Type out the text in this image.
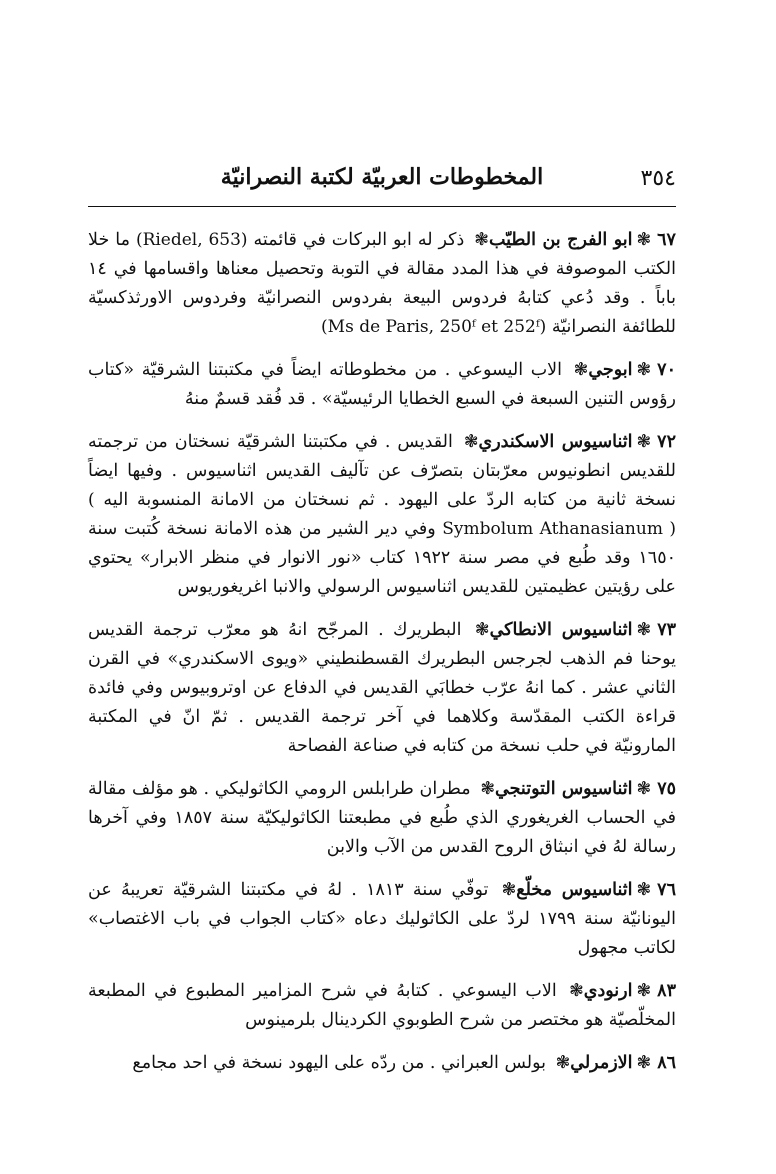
٣٥٤
المخطوطات العربيّة لكتبة النصرانيّة

٦٧❃ابو الفرج بن الطيّب❃ ذكر له ابو البركات في قائمته (Riedel, 653) ما خلا الكتب الموصوفة في هذا المدد مقالة في التوبة وتحصيل معناها واقسامها في ١٤ باباً . وقد دُعي كتابهُ فردوس البيعة بفردوس النصرانيّة وفردوس الاورثذكسيّة للطائفة النصرانيّة (Ms de Paris, 250ᶠ et 252ᶠ)

٧٠❃ابوجي❃ الاب اليسوعي . من مخطوطاته ايضاً في مكتبتنا الشرقيّة «كتاب رؤوس التنين السبعة في السبع الخطايا الرئيسيّة» . قد فُقد قسمٌ منهُ

٧٢❃اثناسيوس الاسكندري❃ القديس . في مكتبتنا الشرقيّة نسختان من ترجمته للقديس انطونيوس معرّبتان بتصرّف عن تآليف القديس اثناسيوس . وفيها ايضاً نسخة ثانية من كتابه الردّ على اليهود . ثم نسختان من الامانة المنسوبة اليه ( Symbolum Athanasianum ) وفي دير الشير من هذه الامانة نسخة كُتبت سنة ١٦٥٠ وقد طُبع في مصر سنة ١٩٢٢ كتاب «نور الانوار في منظر الابرار» يحتوي على رؤيتين عظيمتين للقديس اثناسيوس الرسولي والانبا اغريغوريوس

٧٣❃اثناسيوس الانطاكي❃ البطريرك . المرجّح انهُ هو معرّب ترجمة القديس يوحنا فم الذهب لجرجس البطريرك القسطنطيني «ويوى الاسكندري» في القرن الثاني عشر . كما انهُ عرّب خطابَي القديس في الدفاع عن اوتروبيوس وفي فائدة قراءة الكتب المقدّسة وكلاهما في آخر ترجمة القديس . ثمّ انّ في المكتبة المارونيّة في حلب نسخة من كتابه في صناعة الفصاحة

٧٥❃اثناسيوس التوتنجي❃ مطران طرابلس الرومي الكاثوليكي . هو مؤلف مقالة في الحساب الغريغوري الذي طُبع في مطبعتنا الكاثوليكيّة سنة ١٨٥٧ وفي آخرها رسالة لهُ في انبثاق الروح القدس من الآب والابن

٧٦❃اثناسيوس مخلّع❃ توفّي سنة ١٨١٣ . لهُ في مكتبتنا الشرقيّة تعريبهُ عن اليونانيّة سنة ١٧٩٩ لردّ على الكاثوليك دعاه «كتاب الجواب في باب الاغتصاب» لكاتب مجهول

٨٣❃ارنودي❃ الاب اليسوعي . كتابهُ في شرح المزامير المطبوع في المطبعة المخلّصيّة هو مختصر من شرح الطوبوي الكردينال بلرمينوس

٨٦❃الازمرلي❃ بولس العبراني . من ردّه على اليهود نسخة في احد مجامع
